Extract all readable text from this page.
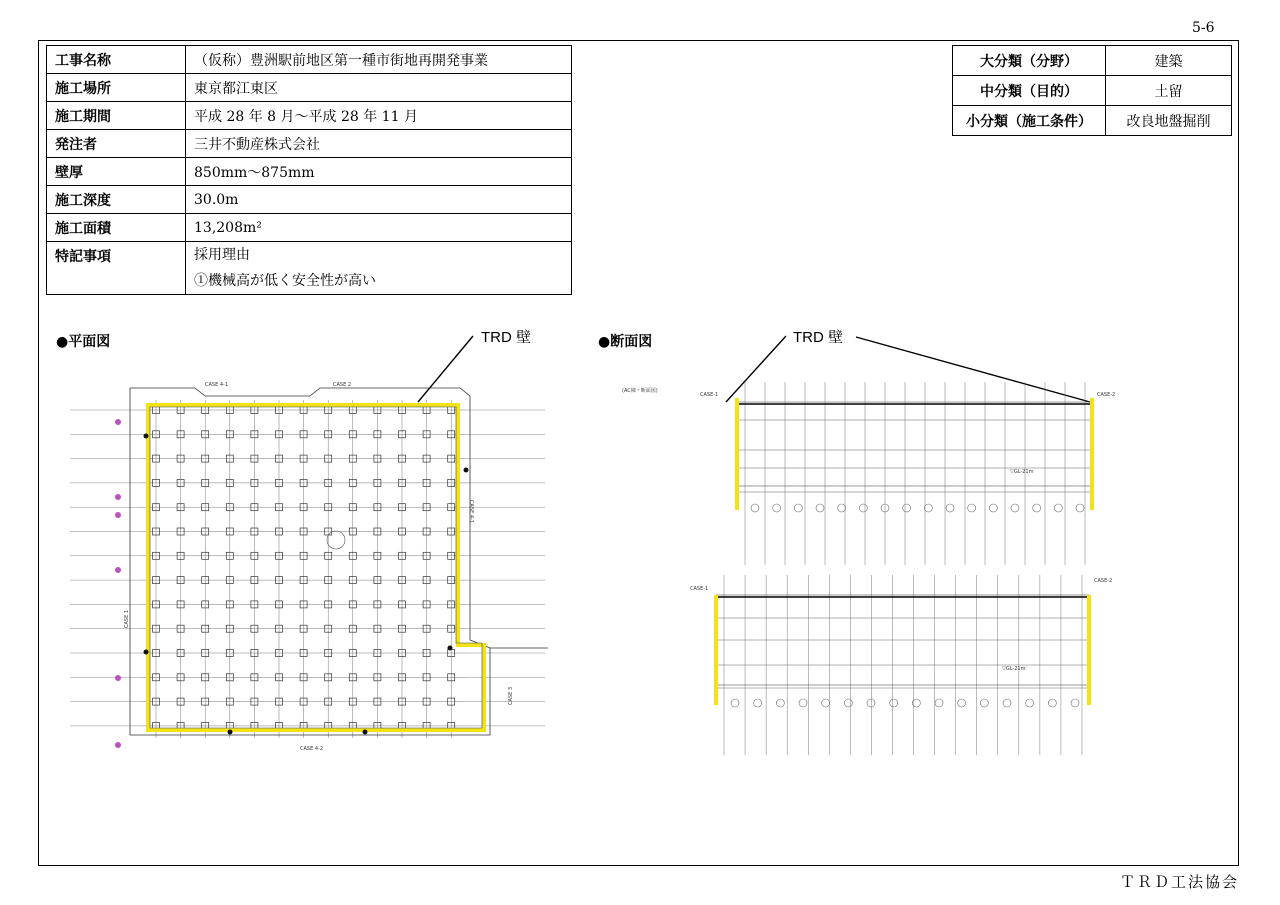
5-6
工事名称	（仮称）豊洲駅前地区第一種市街地再開発事業
施工場所	東京都江東区
施工期間	平成 28 年 8 月～平成 28 年 11 月
発注者	三井不動産株式会社
壁厚	850mm～875mm
施工深度	30.0m
施工面積	13,208m²
特記事項	採用理由
①機械高が低く安全性が高い
大分類（分野）	建築
中分類（目的）	土留
小分類（施工条件）	改良地盤掘削
●平面図	TRD 壁	●断面図	TRD 壁
CASE 4-1	CASE 2
CASE 4-2
CASE 1
CASE 4-1
CASE 3
(AC棟・断面図)
CASE-1	CASE-2
▽GL-21m
CASE-1
CASE-2
▽GL-21m
ＴＲＤ工法協会
